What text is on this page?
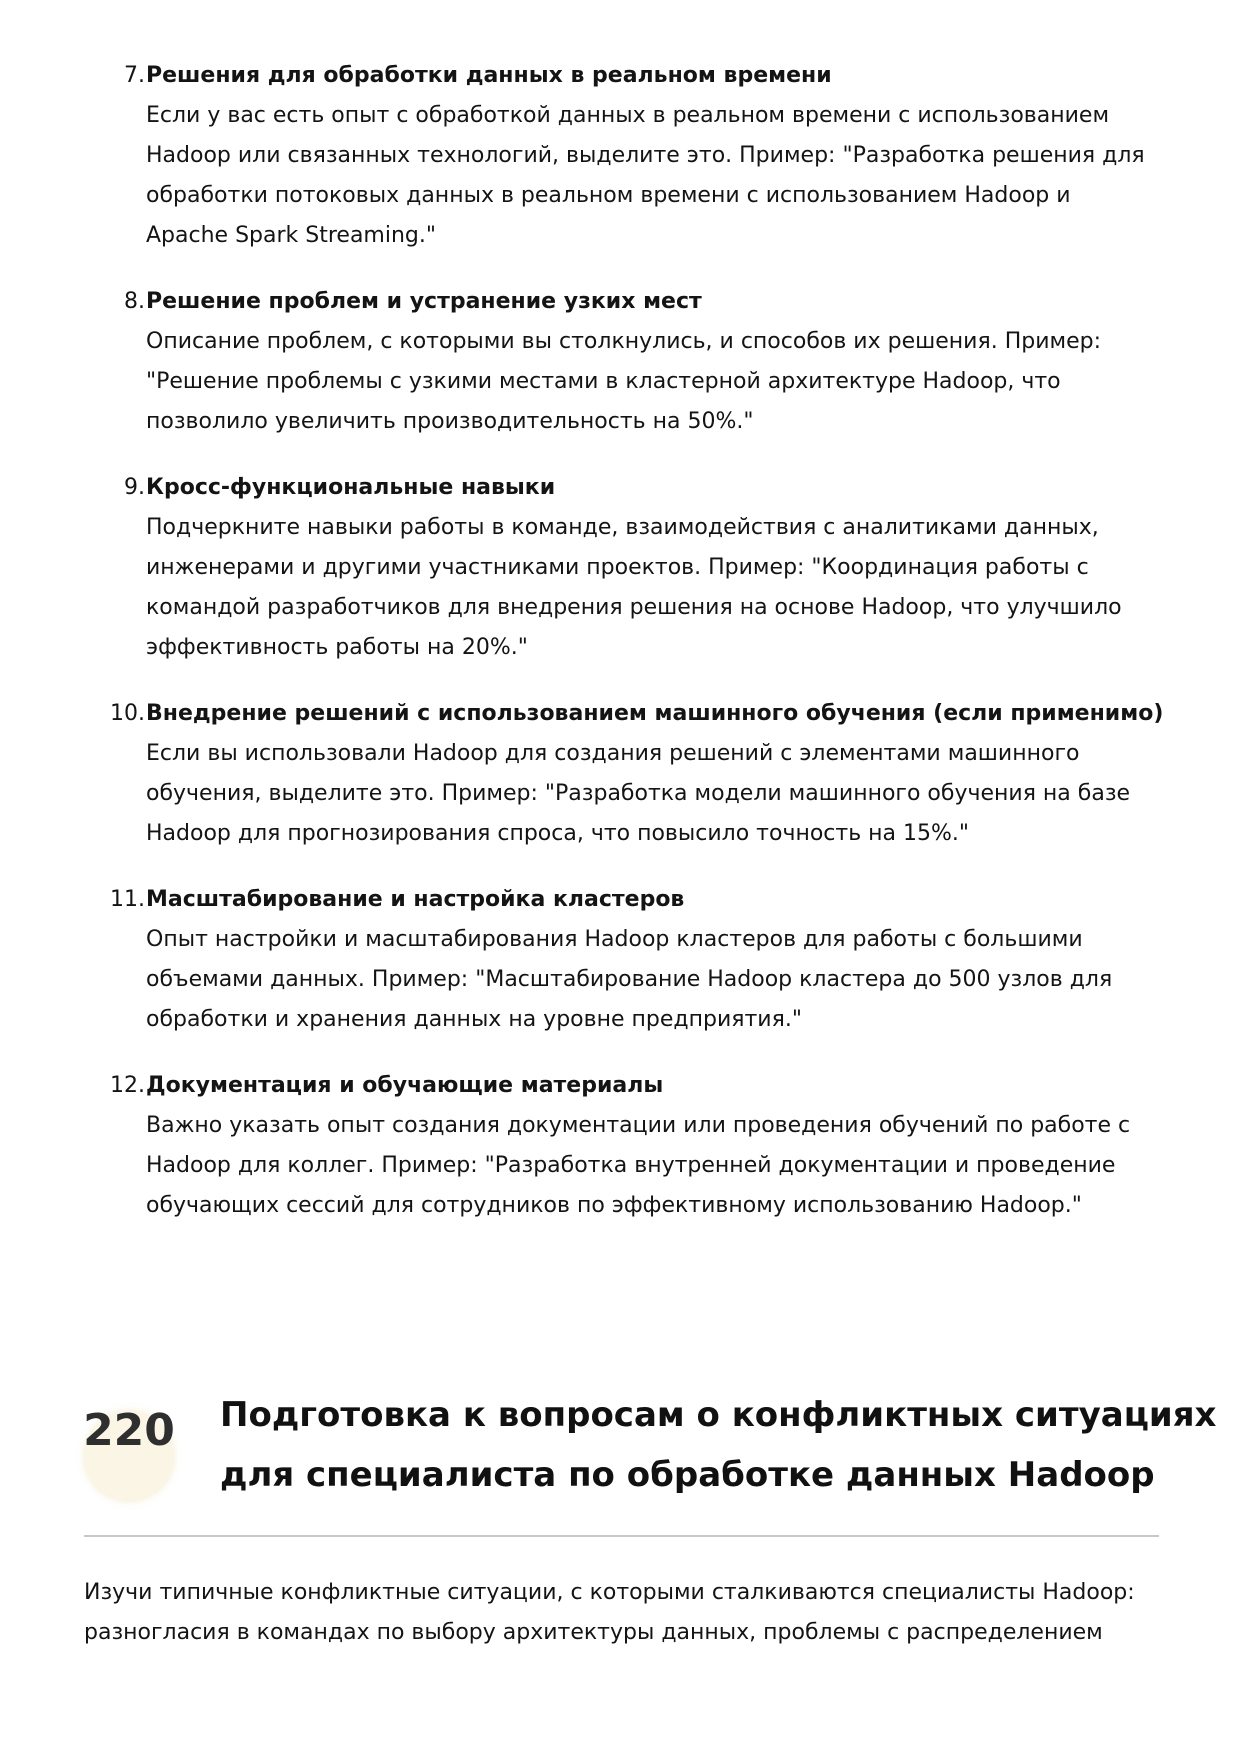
7. Решения для обработки данных в реальном времени
Если у вас есть опыт с обработкой данных в реальном времени с использованием
Hadoop или связанных технологий, выделите это. Пример: "Разработка решения для
обработки потоковых данных в реальном времени с использованием Hadoop и
Apache Spark Streaming."
8. Решение проблем и устранение узких мест
Описание проблем, с которыми вы столкнулись, и способов их решения. Пример:
"Решение проблемы с узкими местами в кластерной архитектуре Hadoop, что
позволило увеличить производительность на 50%."
9. Кросс-функциональные навыки
Подчеркните навыки работы в команде, взаимодействия с аналитиками данных,
инженерами и другими участниками проектов. Пример: "Координация работы с
командой разработчиков для внедрения решения на основе Hadoop, что улучшило
эффективность работы на 20%."
10. Внедрение решений с использованием машинного обучения (если применимо)
Если вы использовали Hadoop для создания решений с элементами машинного
обучения, выделите это. Пример: "Разработка модели машинного обучения на базе
Hadoop для прогнозирования спроса, что повысило точность на 15%."
11. Масштабирование и настройка кластеров
Опыт настройки и масштабирования Hadoop кластеров для работы с большими
объемами данных. Пример: "Масштабирование Hadoop кластера до 500 узлов для
обработки и хранения данных на уровне предприятия."
12. Документация и обучающие материалы
Важно указать опыт создания документации или проведения обучений по работе с
Hadoop для коллег. Пример: "Разработка внутренней документации и проведение
обучающих сессий для сотрудников по эффективному использованию Hadoop."
220 Подготовка к вопросам о конфликтных ситуациях
для специалиста по обработке данных Hadoop
Изучи типичные конфликтные ситуации, с которыми сталкиваются специалисты Hadoop:
разногласия в командах по выбору архитектуры данных, проблемы с распределением
